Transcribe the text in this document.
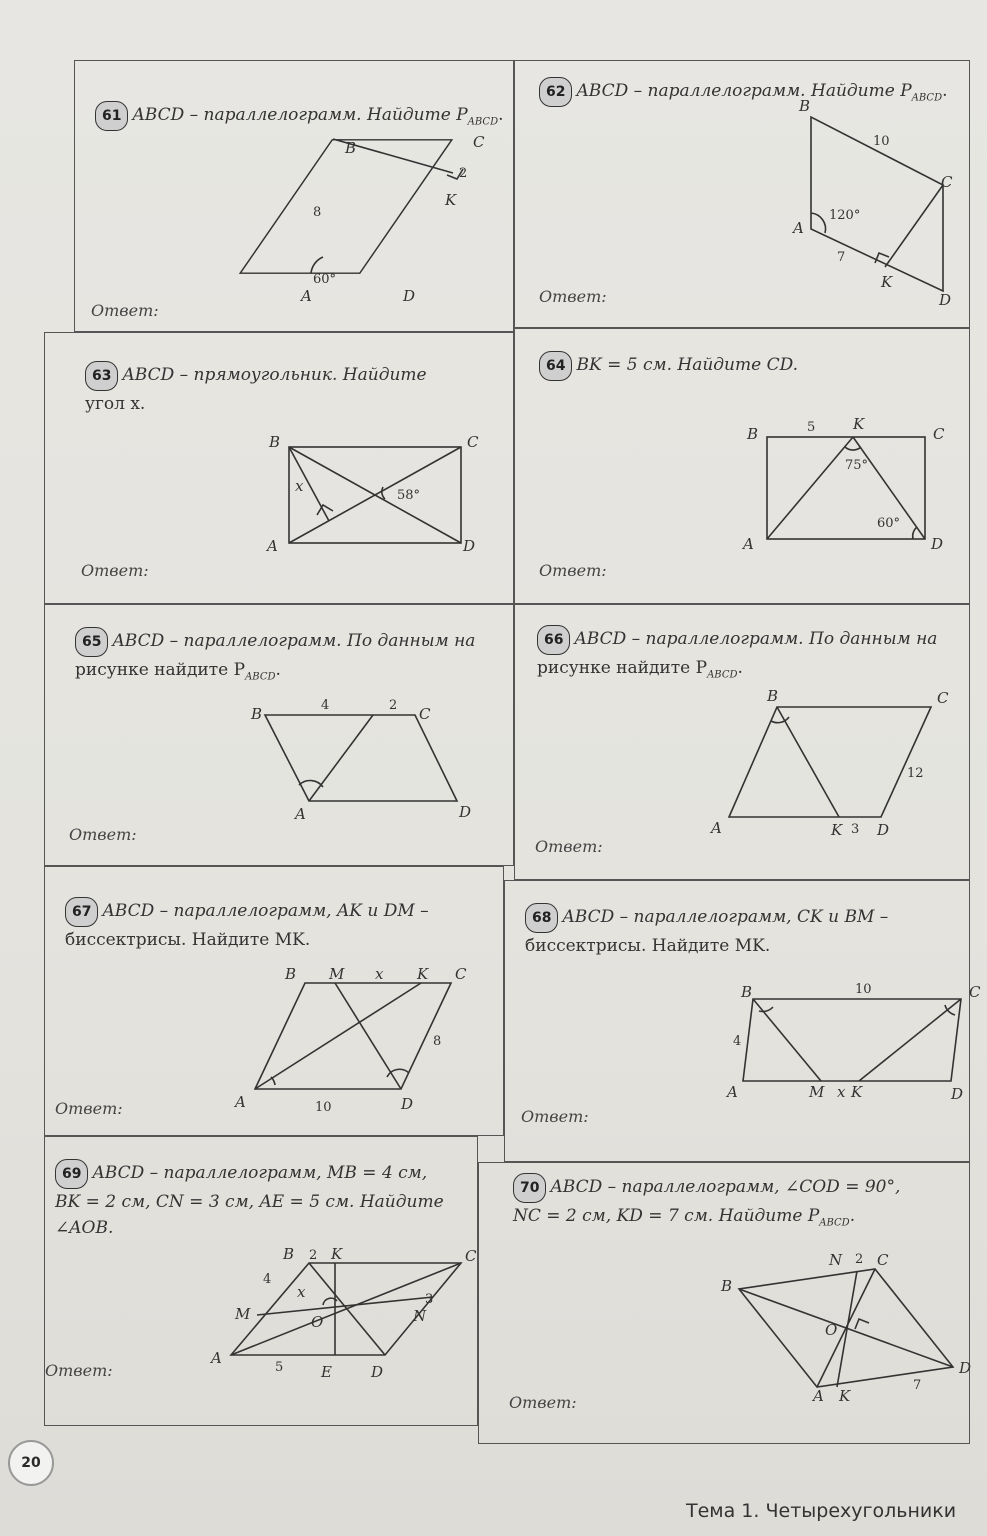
61 ABCD – параллелограмм. Найдите $P_{ABCD}$.
A
B	C
D
K
8
2
60°
Ответ:
62 ABCD – параллелограмм. Найдите $P_{ABCD}$.
A
B
C
D
K
10
7
120°
Ответ:
63 ABCD – прямоугольник. Найдите
угол x.
B	C
A	D
x
58°
Ответ:
64 BK = 5 см. Найдите CD.
B	C
A	D
K
5
75°
60°
Ответ:
65 ABCD – параллелограмм. По данным на
рисунке найдите $P_{ABCD}$.
A
B	C
D
4	2
Ответ:
66 ABCD – параллелограмм. По данным на
рисунке найдите $P_{ABCD}$.
A
B	C
D
K
12
3
Ответ:
67 ABCD – параллелограмм, AK и DM –
биссектрисы. Найдите MK.
A
B	C
D
K
M x
8
10
Ответ:
68 ABCD – параллелограмм, CK и BM –
биссектрисы. Найдите MK.
B	C
A	D
M x K
10
4
Ответ:
69 ABCD – параллелограмм, MB = 4 см,
BK = 2 см, CN = 3 см, AE = 5 см. Найдите
∠AOB.
A
B	C
D
K
M	N
E
O
x
4
2
3
5
Ответ:
70 ABCD – параллелограмм, ∠COD = 90°,
NC = 2 см, KD = 7 см. Найдите $P_{ABCD}$.
A
B
C
D
K
N
O
2
7
Ответ:
20
Тема 1. Четырехугольники
